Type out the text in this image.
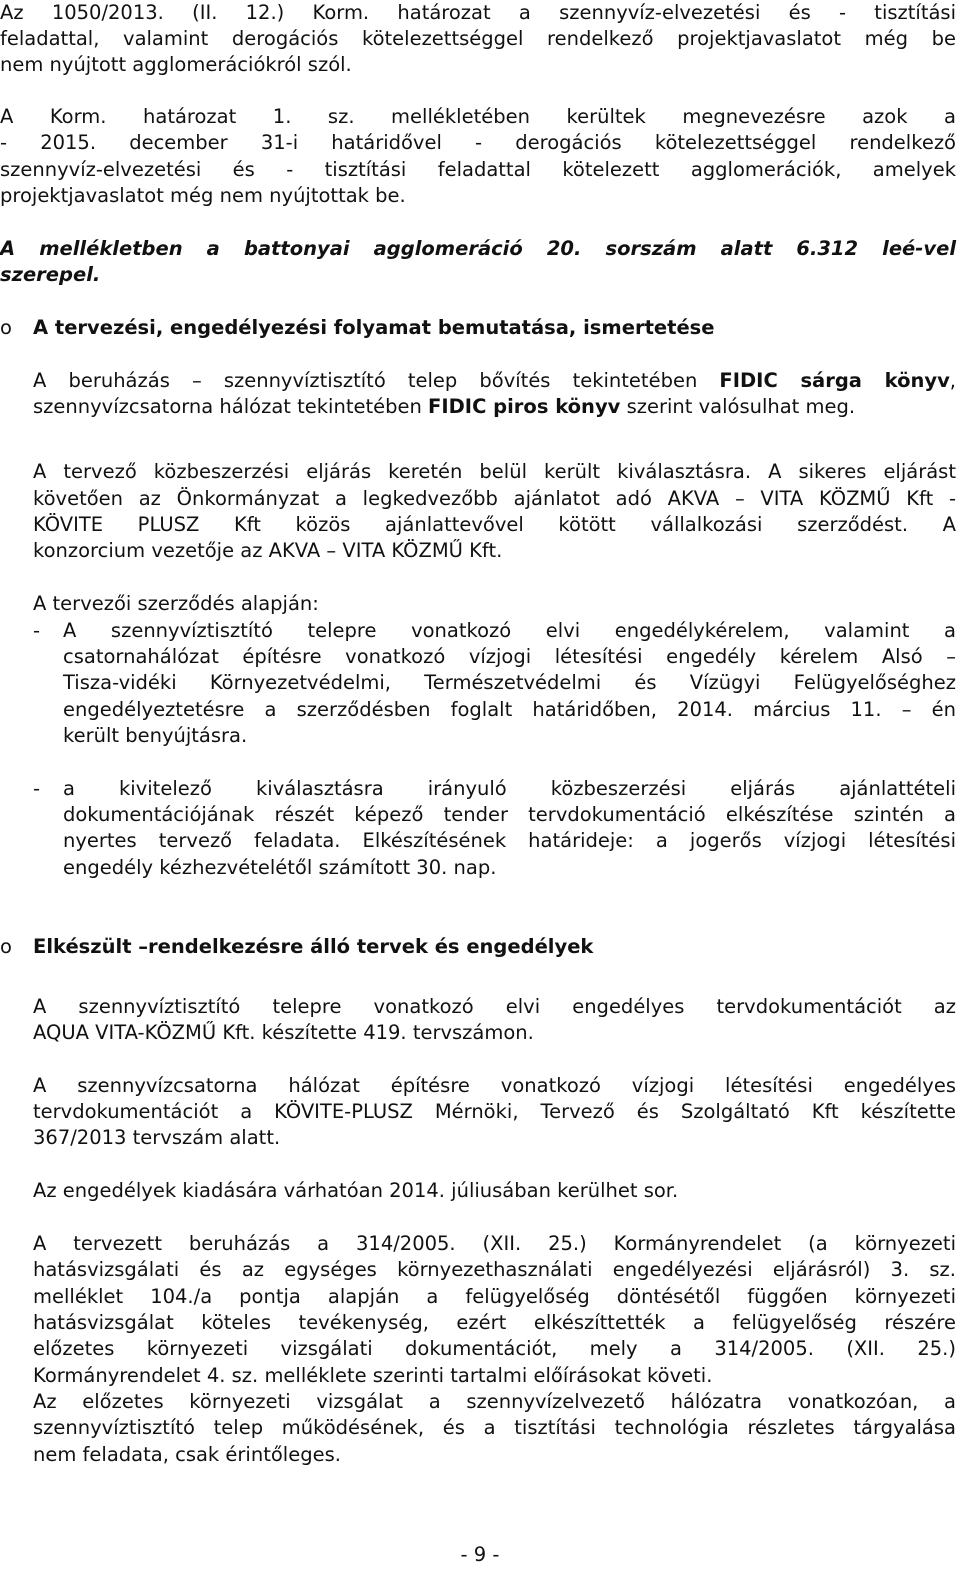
Az 1050/2013. (II. 12.) Korm. határozat a szennyvíz-elvezetési és - tisztítási

feladattal, valamint derogációs kötelezettséggel rendelkező projektjavaslatot még be

nem nyújtott agglomerációkról szól.

A Korm. határozat 1. sz. mellékletében kerültek megnevezésre azok a

- 2015. december 31-i határidővel - derogációs kötelezettséggel rendelkező

szennyvíz-elvezetési és - tisztítási feladattal kötelezett agglomerációk, amelyek

projektjavaslatot még nem nyújtottak be.

A mellékletben a battonyai agglomeráció 20. sorszám alatt 6.312 leé-vel

szerepel.

o A tervezési, engedélyezési folyamat bemutatása, ismertetése

A beruházás – szennyvíztisztító telep bővítés tekintetében FIDIC sárga könyv,

szennyvízcsatorna hálózat tekintetében FIDIC piros könyv szerint valósulhat meg.

A tervező közbeszerzési eljárás keretén belül került kiválasztásra. A sikeres eljárást

követően az Önkormányzat a legkedvezőbb ajánlatot adó AKVA – VITA KÖZMŰ Kft -

KÖVITE PLUSZ Kft közös ajánlattevővel kötött vállalkozási szerződést. A

konzorcium vezetője az AKVA – VITA KÖZMŰ Kft.

A tervezői szerződés alapján:

- A szennyvíztisztító telepre vonatkozó elvi engedélykérelem, valamint a

csatornahálózat építésre vonatkozó vízjogi létesítési engedély kérelem Alsó –

Tisza-vidéki Környezetvédelmi, Természetvédelmi és Vízügyi Felügyelőséghez

engedélyeztetésre a szerződésben foglalt határidőben, 2014. március 11. – én

került benyújtásra.

- a kivitelező kiválasztásra irányuló közbeszerzési eljárás ajánlattételi

dokumentációjának részét képező tender tervdokumentáció elkészítése szintén a

nyertes tervező feladata. Elkészítésének határideje: a jogerős vízjogi létesítési

engedély kézhezvételétől számított 30. nap.

o Elkészült –rendelkezésre álló tervek és engedélyek

A szennyvíztisztító telepre vonatkozó elvi engedélyes tervdokumentációt az

AQUA VITA-KÖZMŰ Kft. készítette 419. tervszámon.

A szennyvízcsatorna hálózat építésre vonatkozó vízjogi létesítési engedélyes

tervdokumentációt a KÖVITE-PLUSZ Mérnöki, Tervező és Szolgáltató Kft készítette

367/2013 tervszám alatt.

Az engedélyek kiadására várhatóan 2014. júliusában kerülhet sor.

A tervezett beruházás a 314/2005. (XII. 25.) Kormányrendelet (a környezeti

hatásvizsgálati és az egységes környezethasználati engedélyezési eljárásról) 3. sz.

melléklet 104./a pontja alapján a felügyelőség döntésétől függően környezeti

hatásvizsgálat köteles tevékenység, ezért elkészíttették a felügyelőség részére

előzetes környezeti vizsgálati dokumentációt, mely a 314/2005. (XII. 25.)

Kormányrendelet 4. sz. melléklete szerinti tartalmi előírásokat követi.

Az előzetes környezeti vizsgálat a szennyvízelvezető hálózatra vonatkozóan, a

szennyvíztisztító telep működésének, és a tisztítási technológia részletes tárgyalása

nem feladata, csak érintőleges.

- 9 -
